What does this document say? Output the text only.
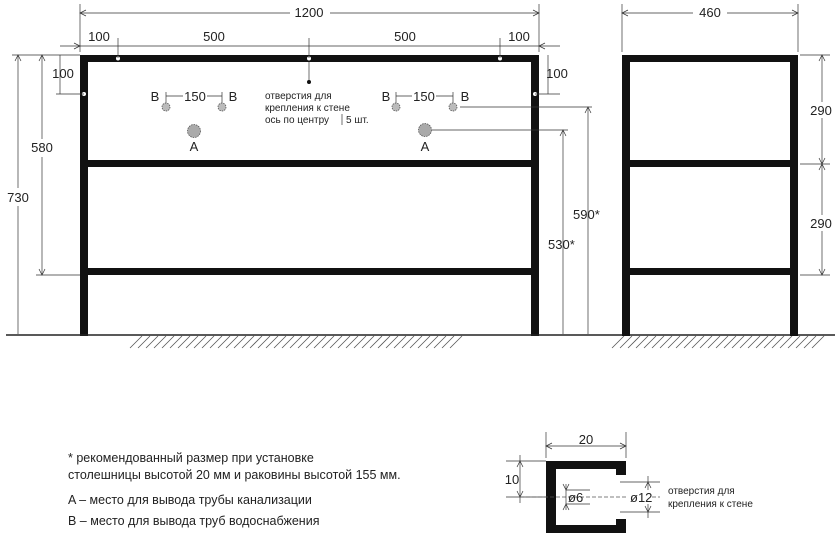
1200
100	500	500	100
730
580
100	100
B	B
150
A
B	B
150
A
590*
530*
отверстия для
крепления к стене
ось по центру 5 шт.
460
290
290
* рекомендованный размер при установке
столешницы высотой 20 мм и раковины высотой 155 мм.
A – место для вывода трубы канализации
B – место для вывода труб водоснабжения
20
10
ø6	ø12 отверстия для
крепления к стене
